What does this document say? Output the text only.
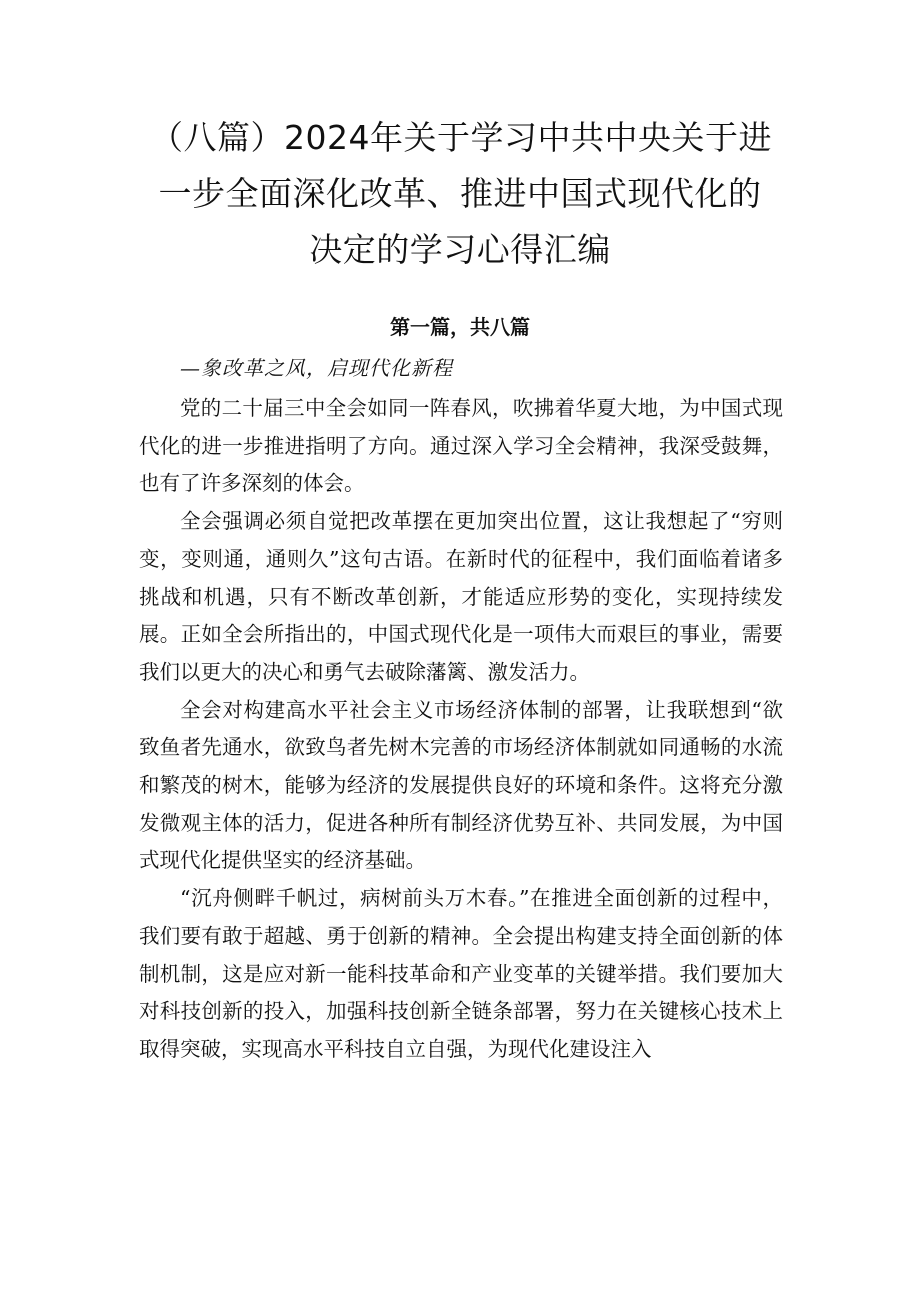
（八篇）2024年关于学习中共中央关于进
一步全面深化改革、推进中国式现代化的
决定的学习心得汇编
第一篇，共八篇
—象改革之风，启现代化新程

党的二十届三中全会如同一阵春风，吹拂着华夏大地，为中国式现代化的进一步推进指明了方向。通过深入学习全会精神，我深受鼓舞，也有了许多深刻的体会。

全会强调必须自觉把改革摆在更加突出位置，这让我想起了“穷则变，变则通，通则久”这句古语。在新时代的征程中，我们面临着诸多挑战和机遇，只有不断改革创新，才能适应形势的变化，实现持续发展。正如全会所指出的，中国式现代化是一项伟大而艰巨的事业，需要我们以更大的决心和勇气去破除藩篱、激发活力。

全会对构建高水平社会主义市场经济体制的部署，让我联想到“欲致鱼者先通水，欲致鸟者先树木完善的市场经济体制就如同通畅的水流和繁茂的树木，能够为经济的发展提供良好的环境和条件。这将充分激发微观主体的活力，促进各种所有制经济优势互补、共同发展，为中国式现代化提供坚实的经济基础。

“沉舟侧畔千帆过，病树前头万木春。”在推进全面创新的过程中，我们要有敢于超越、勇于创新的精神。全会提出构建支持全面创新的体制机制，这是应对新一能科技革命和产业变革的关键举措。我们要加大对科技创新的投入，加强科技创新全链条部署，努力在关键核心技术上取得突破，实现高水平科技自立自强，为现代化建设注入
